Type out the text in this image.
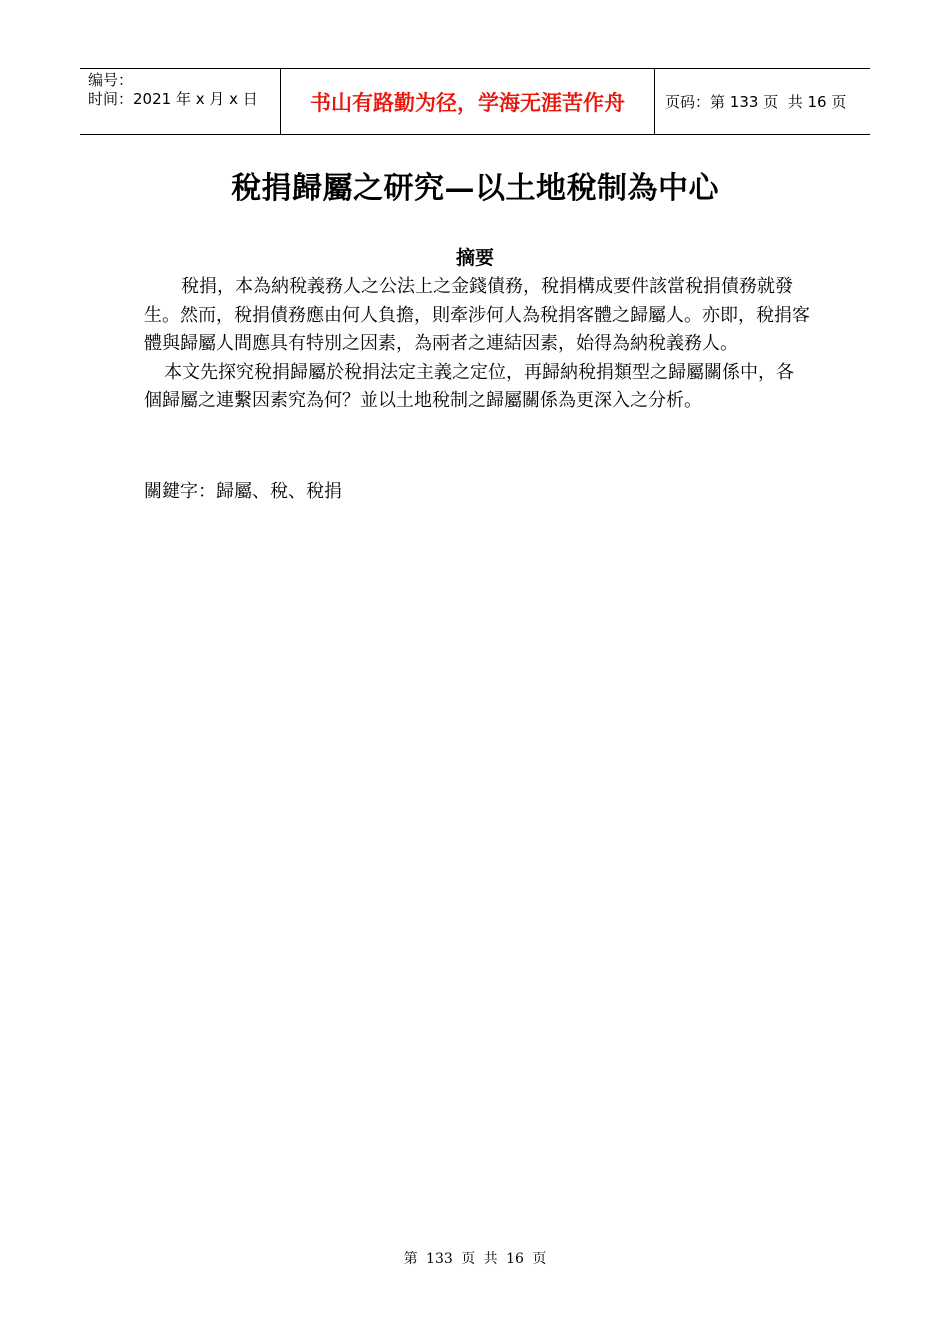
编号：
时间：2021 年 x 月 x 日	书山有路勤为径，学海无涯苦作舟	页码：第 133 页  共 16 页
稅捐歸屬之研究—以土地稅制為中心
摘要

稅捐，本為納稅義務人之公法上之金錢債務，稅捐構成要件該當稅捐債務就發生。然而，稅捐債務應由何人負擔，則牽涉何人為稅捐客體之歸屬人。亦即，稅捐客體與歸屬人間應具有特別之因素，為兩者之連結因素，始得為納稅義務人。

本文先探究稅捐歸屬於稅捐法定主義之定位，再歸納稅捐類型之歸屬關係中，各個歸屬之連繫因素究為何？並以土地稅制之歸屬關係為更深入之分析。

關鍵字：歸屬、稅、稅捐
第 133 页 共 16 页
